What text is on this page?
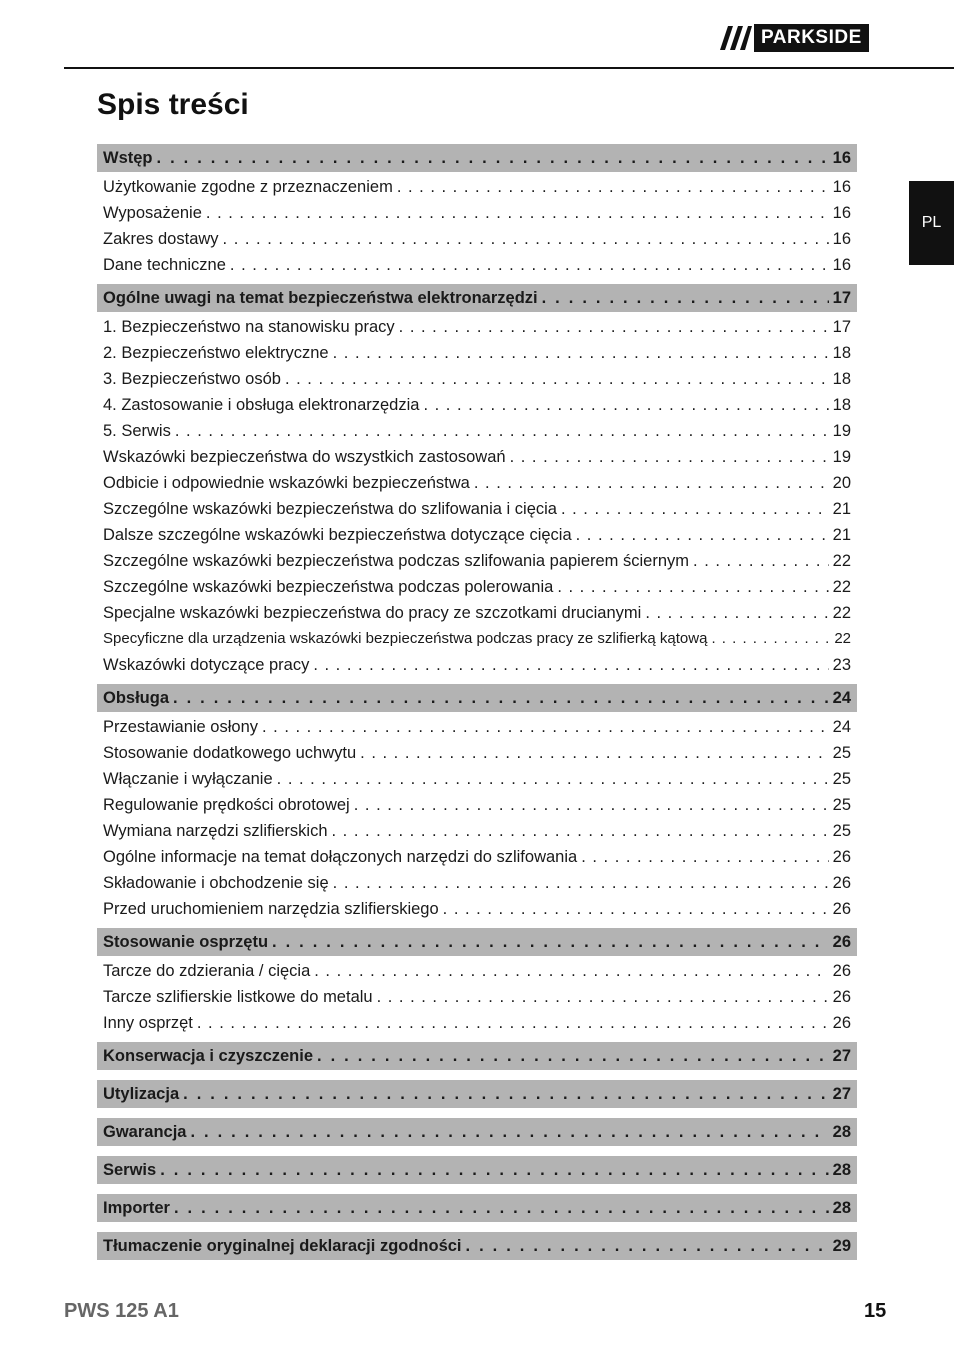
PARKSIDE
Spis treści
PL
Wstęp . . .	16
Użytkowanie zgodne z przeznaczeniem . . .	16
Wyposażenie . . .	16
Zakres dostawy . . .	16
Dane techniczne . . .	16
Ogólne uwagi na temat bezpieczeństwa elektronarzędzi . . .	17
1. Bezpieczeństwo na stanowisku pracy . . .	17
2. Bezpieczeństwo elektryczne . . .	18
3. Bezpieczeństwo osób . . .	18
4. Zastosowanie i obsługa elektronarzędzia . . .	18
5. Serwis . . .	19
Wskazówki bezpieczeństwa do wszystkich zastosowań . . .	19
Odbicie i odpowiednie wskazówki bezpieczeństwa . . .	20
Szczególne wskazówki bezpieczeństwa do szlifowania i cięcia . . .	21
Dalsze szczególne wskazówki bezpieczeństwa dotyczące cięcia . . .	21
Szczególne wskazówki bezpieczeństwa podczas szlifowania papierem ściernym . . .	22
Szczególne wskazówki bezpieczeństwa podczas polerowania . . .	22
Specjalne wskazówki bezpieczeństwa do pracy ze szczotkami drucianymi . . .	22
Specyficzne dla urządzenia wskazówki bezpieczeństwa podczas pracy ze szlifierką kątową . . .	22
Wskazówki dotyczące pracy . . .	23
Obsługa . . .	24
Przestawianie osłony . . .	24
Stosowanie dodatkowego uchwytu . . .	25
Włączanie i wyłączanie . . .	25
Regulowanie prędkości obrotowej . . .	25
Wymiana narzędzi szlifierskich . . .	25
Ogólne informacje na temat dołączonych narzędzi do szlifowania . . .	26
Składowanie i obchodzenie się . . .	26
Przed uruchomieniem narzędzia szlifierskiego . . .	26
Stosowanie osprzętu . . .	26
Tarcze do zdzierania / cięcia . . .	26
Tarcze szlifierskie listkowe do metalu . . .	26
Inny osprzęt . . .	26
Konserwacja i czyszczenie . . .	27
Utylizacja . . .	27
Gwarancja . . .	28
Serwis . . .	28
Importer . . .	28
Tłumaczenie oryginalnej deklaracji zgodności . . .	29
PWS 125 A1	15
